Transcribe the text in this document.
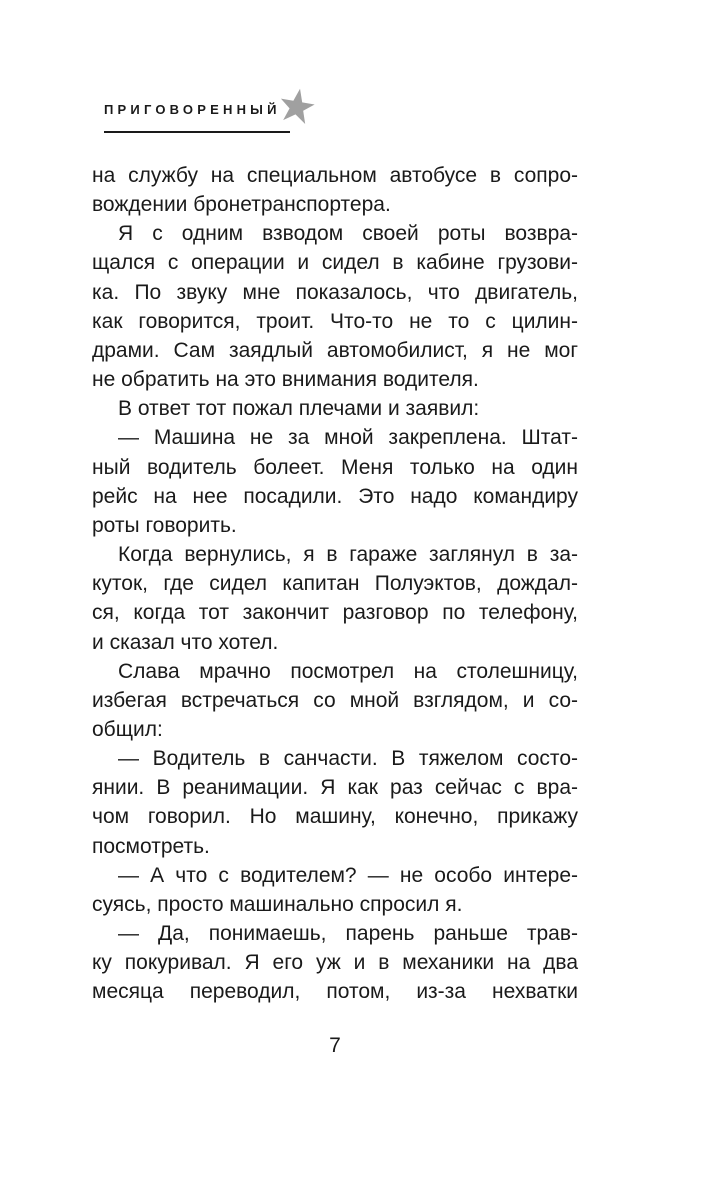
ПРИГОВОРЕННЫЙ
на службу на специальном автобусе в сопро-
вождении бронетранспортера.
Я с одним взводом своей роты возвра-
щался с операции и сидел в кабине грузови-
ка. По звуку мне показалось, что двигатель,
как говорится, троит. Что-то не то с цилин-
драми. Сам заядлый автомобилист, я не мог
не обратить на это внимания водителя.
В ответ тот пожал плечами и заявил:
— Машина не за мной закреплена. Штат-
ный водитель болеет. Меня только на один
рейс на нее посадили. Это надо командиру
роты говорить.
Когда вернулись, я в гараже заглянул в за-
куток, где сидел капитан Полуэктов, дождал-
ся, когда тот закончит разговор по телефону,
и сказал что хотел.
Слава мрачно посмотрел на столешницу,
избегая встречаться со мной взглядом, и со-
общил:
— Водитель в санчасти. В тяжелом состо-
янии. В реанимации. Я как раз сейчас с вра-
чом говорил. Но машину, конечно, прикажу
посмотреть.
— А что с водителем? — не особо интере-
суясь, просто машинально спросил я.
— Да, понимаешь, парень раньше трав-
ку покуривал. Я его уж и в механики на два
месяца переводил, потом, из-за нехватки
7
